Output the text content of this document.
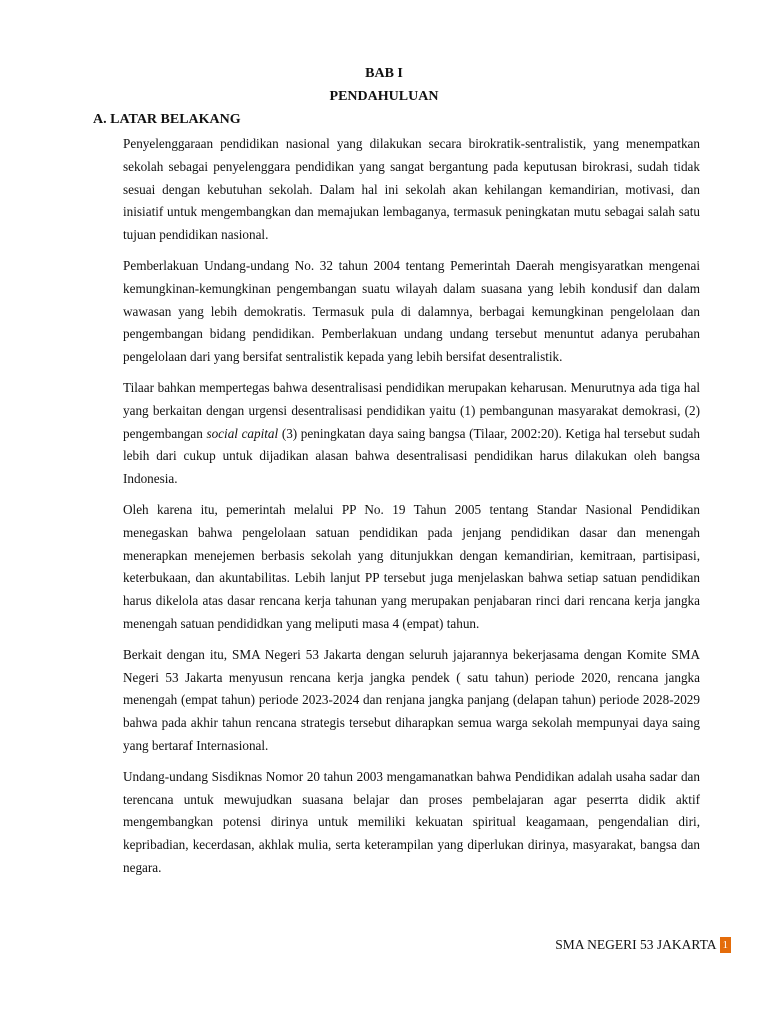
BAB I

PENDAHULUAN

A. LATAR BELAKANG

Penyelenggaraan pendidikan nasional yang dilakukan secara birokratik-sentralistik, yang menempatkan sekolah sebagai penyelenggara pendidikan yang sangat bergantung pada keputusan birokrasi, sudah tidak sesuai dengan kebutuhan sekolah. Dalam hal ini sekolah akan kehilangan kemandirian, motivasi, dan inisiatif untuk mengembangkan dan memajukan lembaganya, termasuk peningkatan mutu sebagai salah satu tujuan pendidikan nasional.

Pemberlakuan Undang-undang No. 32 tahun 2004 tentang Pemerintah Daerah mengisyaratkan mengenai kemungkinan-kemungkinan pengembangan suatu wilayah dalam suasana yang lebih kondusif dan dalam wawasan yang lebih demokratis. Termasuk pula di dalamnya, berbagai kemungkinan pengelolaan dan pengembangan bidang pendidikan. Pemberlakuan undang undang tersebut menuntut adanya perubahan pengelolaan dari yang bersifat sentralistik kepada yang lebih bersifat desentralistik.

Tilaar bahkan mempertegas bahwa desentralisasi pendidikan merupakan keharusan. Menurutnya ada tiga hal yang berkaitan dengan urgensi desentralisasi pendidikan yaitu (1) pembangunan masyarakat demokrasi, (2) pengembangan social capital (3) peningkatan daya saing bangsa (Tilaar, 2002:20). Ketiga hal tersebut sudah lebih dari cukup untuk dijadikan alasan bahwa desentralisasi pendidikan harus dilakukan oleh bangsa Indonesia.

Oleh karena itu, pemerintah melalui PP No. 19 Tahun 2005 tentang Standar Nasional Pendidikan menegaskan bahwa pengelolaan satuan pendidikan pada jenjang pendidikan dasar dan menengah menerapkan menejemen berbasis sekolah yang ditunjukkan dengan kemandirian, kemitraan, partisipasi, keterbukaan, dan akuntabilitas. Lebih lanjut PP tersebut juga menjelaskan bahwa setiap satuan pendidikan harus dikelola atas dasar rencana kerja tahunan yang merupakan penjabaran rinci dari rencana kerja jangka menengah satuan pendididkan yang meliputi masa 4 (empat) tahun.

Berkait dengan itu, SMA Negeri 53 Jakarta dengan seluruh jajarannya bekerjasama dengan Komite SMA Negeri 53 Jakarta menyusun rencana kerja jangka pendek ( satu tahun) periode 2020, rencana jangka menengah (empat tahun) periode 2023-2024 dan renjana jangka panjang (delapan tahun) periode 2028-2029 bahwa pada akhir tahun rencana strategis tersebut diharapkan semua warga sekolah mempunyai daya saing yang bertaraf Internasional.

Undang-undang Sisdiknas Nomor 20 tahun 2003 mengamanatkan bahwa Pendidikan adalah usaha sadar dan terencana untuk mewujudkan suasana belajar dan proses pembelajaran agar peserrta didik aktif mengembangkan potensi dirinya untuk memiliki kekuatan spiritual keagamaan, pengendalian diri, kepribadian, kecerdasan, akhlak mulia, serta keterampilan yang diperlukan dirinya, masyarakat, bangsa dan negara.

SMA NEGERI 53 JAKARTA 1
